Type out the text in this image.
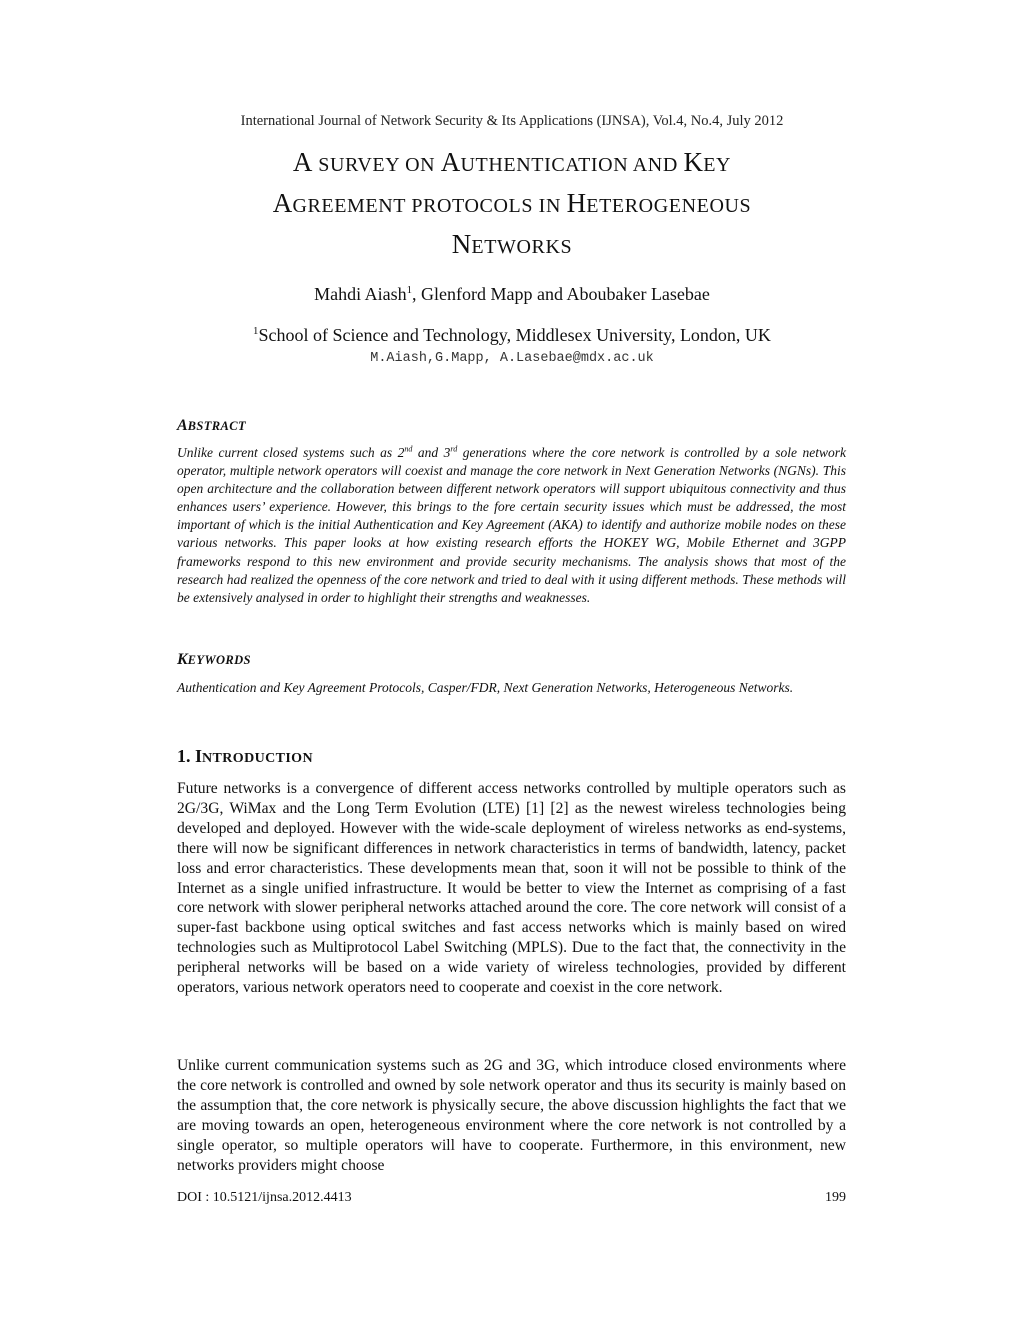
International Journal of Network Security & Its Applications (IJNSA), Vol.4, No.4, July 2012
A SURVEY ON AUTHENTICATION AND KEY
AGREEMENT PROTOCOLS IN HETEROGENEOUS
NETWORKS
Mahdi Aiash$^1$, Glenford Mapp and Aboubaker Lasebae
$^1$School of Science and Technology, Middlesex University, London, UK
M.Aiash,G.Mapp, A.Lasebae@mdx.ac.uk
ABSTRACT
Unlike current closed systems such as 2nd and 3rd generations where the core network is controlled by a sole network operator, multiple network operators will coexist and manage the core network in Next Generation Networks (NGNs). This open architecture and the collaboration between different network operators will support ubiquitous connectivity and thus enhances users’ experience. However, this brings to the fore certain security issues which must be addressed, the most important of which is the initial Authentication and Key Agreement (AKA) to identify and authorize mobile nodes on these various networks. This paper looks at how existing research efforts the HOKEY WG, Mobile Ethernet and 3GPP frameworks respond to this new environment and provide security mechanisms. The analysis shows that most of the research had realized the openness of the core network and tried to deal with it using different methods. These methods will be extensively analysed in order to highlight their strengths and weaknesses.
KEYWORDS
Authentication and Key Agreement Protocols, Casper/FDR, Next Generation Networks, Heterogeneous Networks.
1. INTRODUCTION
Future networks is a convergence of different access networks controlled by multiple operators such as 2G/3G, WiMax and the Long Term Evolution (LTE) [1] [2] as the newest wireless technologies being developed and deployed. However with the wide-scale deployment of wireless networks as end-systems, there will now be significant differences in network characteristics in terms of bandwidth, latency, packet loss and error characteristics. These developments mean that, soon it will not be possible to think of the Internet as a single unified infrastructure. It would be better to view the Internet as comprising of a fast core network with slower peripheral networks attached around the core. The core network will consist of a super-fast backbone using optical switches and fast access networks which is mainly based on wired technologies such as Multiprotocol Label Switching (MPLS). Due to the fact that, the connectivity in the peripheral networks will be based on a wide variety of wireless technologies, provided by different operators, various network operators need to cooperate and coexist in the core network.
Unlike current communication systems such as 2G and 3G, which introduce closed environments where the core network is controlled and owned by sole network operator and thus its security is mainly based on the assumption that, the core network is physically secure, the above discussion highlights the fact that we are moving towards an open, heterogeneous environment where the core network is not controlled by a single operator, so multiple operators will have to cooperate. Furthermore, in this environment, new networks providers might choose
DOI : 10.5121/ijnsa.2012.4413	199
